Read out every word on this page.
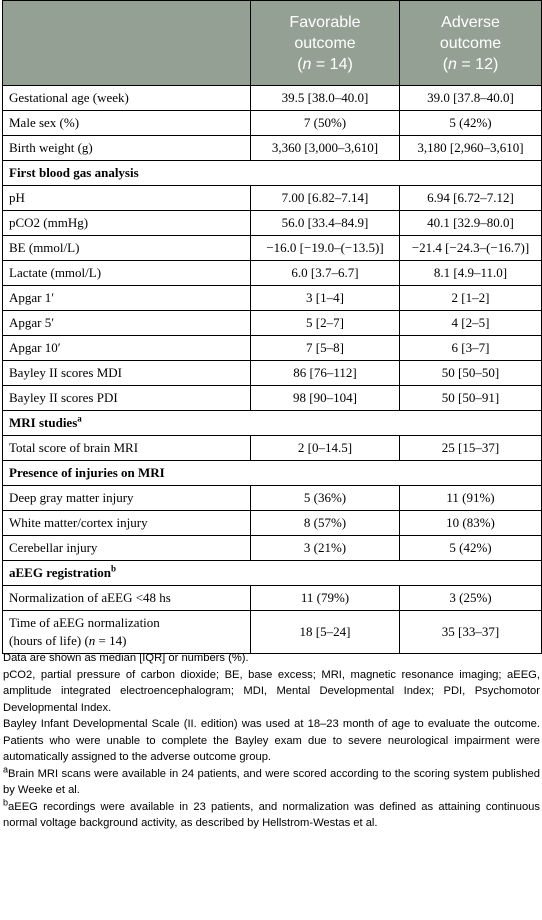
	Favorable
outcome
(n = 14)	Adverse
outcome
(n = 12)
Gestational age (week)	39.5 [38.0–40.0]	39.0 [37.8–40.0]
Male sex (%)	7 (50%)	5 (42%)
Birth weight (g)	3,360 [3,000–3,610]	3,180 [2,960–3,610]
First blood gas analysis		
pH	7.00 [6.82–7.14]	6.94 [6.72–7.12]
pCO2 (mmHg)	56.0 [33.4–84.9]	40.1 [32.9–80.0]
BE (mmol/L)	−16.0 [−19.0–(−13.5)]	−21.4 [−24.3–(−16.7)]
Lactate (mmol/L)	6.0 [3.7–6.7]	8.1 [4.9–11.0]
Apgar 1′	3 [1–4]	2 [1–2]
Apgar 5′	5 [2–7]	4 [2–5]
Apgar 10′	7 [5–8]	6 [3–7]
Bayley II scores MDI	86 [76–112]	50 [50–50]
Bayley II scores PDI	98 [90–104]	50 [50–91]
MRI studies$^a$
Total score of brain MRI	2 [0–14.5]	25 [15–37]
Presence of injuries on MRI		
Deep gray matter injury	5 (36%)	11 (91%)
White matter/cortex injury	8 (57%)	10 (83%)
Cerebellar injury	3 (21%)	5 (42%)
aEEG registration$^b$
Normalization of aEEG <48 hs	11 (79%)	3 (25%)
Time of aEEG normalization
(hours of life) (n = 14)	18 [5–24]	35 [33–37]

Data are shown as median [IQR] or numbers (%).

pCO2, partial pressure of carbon dioxide; BE, base excess; MRI, magnetic resonance imaging; aEEG, amplitude integrated electroencephalogram; MDI, Mental Developmental Index; PDI, Psychomotor Developmental Index.

Bayley Infant Developmental Scale (II. edition) was used at 18–23 month of age to evaluate the outcome. Patients who were unable to complete the Bayley exam due to severe neurological impairment were automatically assigned to the adverse outcome group.

$^a$Brain MRI scans were available in 24 patients, and were scored according to the scoring system published by Weeke et al.

$^b$aEEG recordings were available in 23 patients, and normalization was defined as attaining continuous normal voltage background activity, as described by Hellstrom-Westas et al.
